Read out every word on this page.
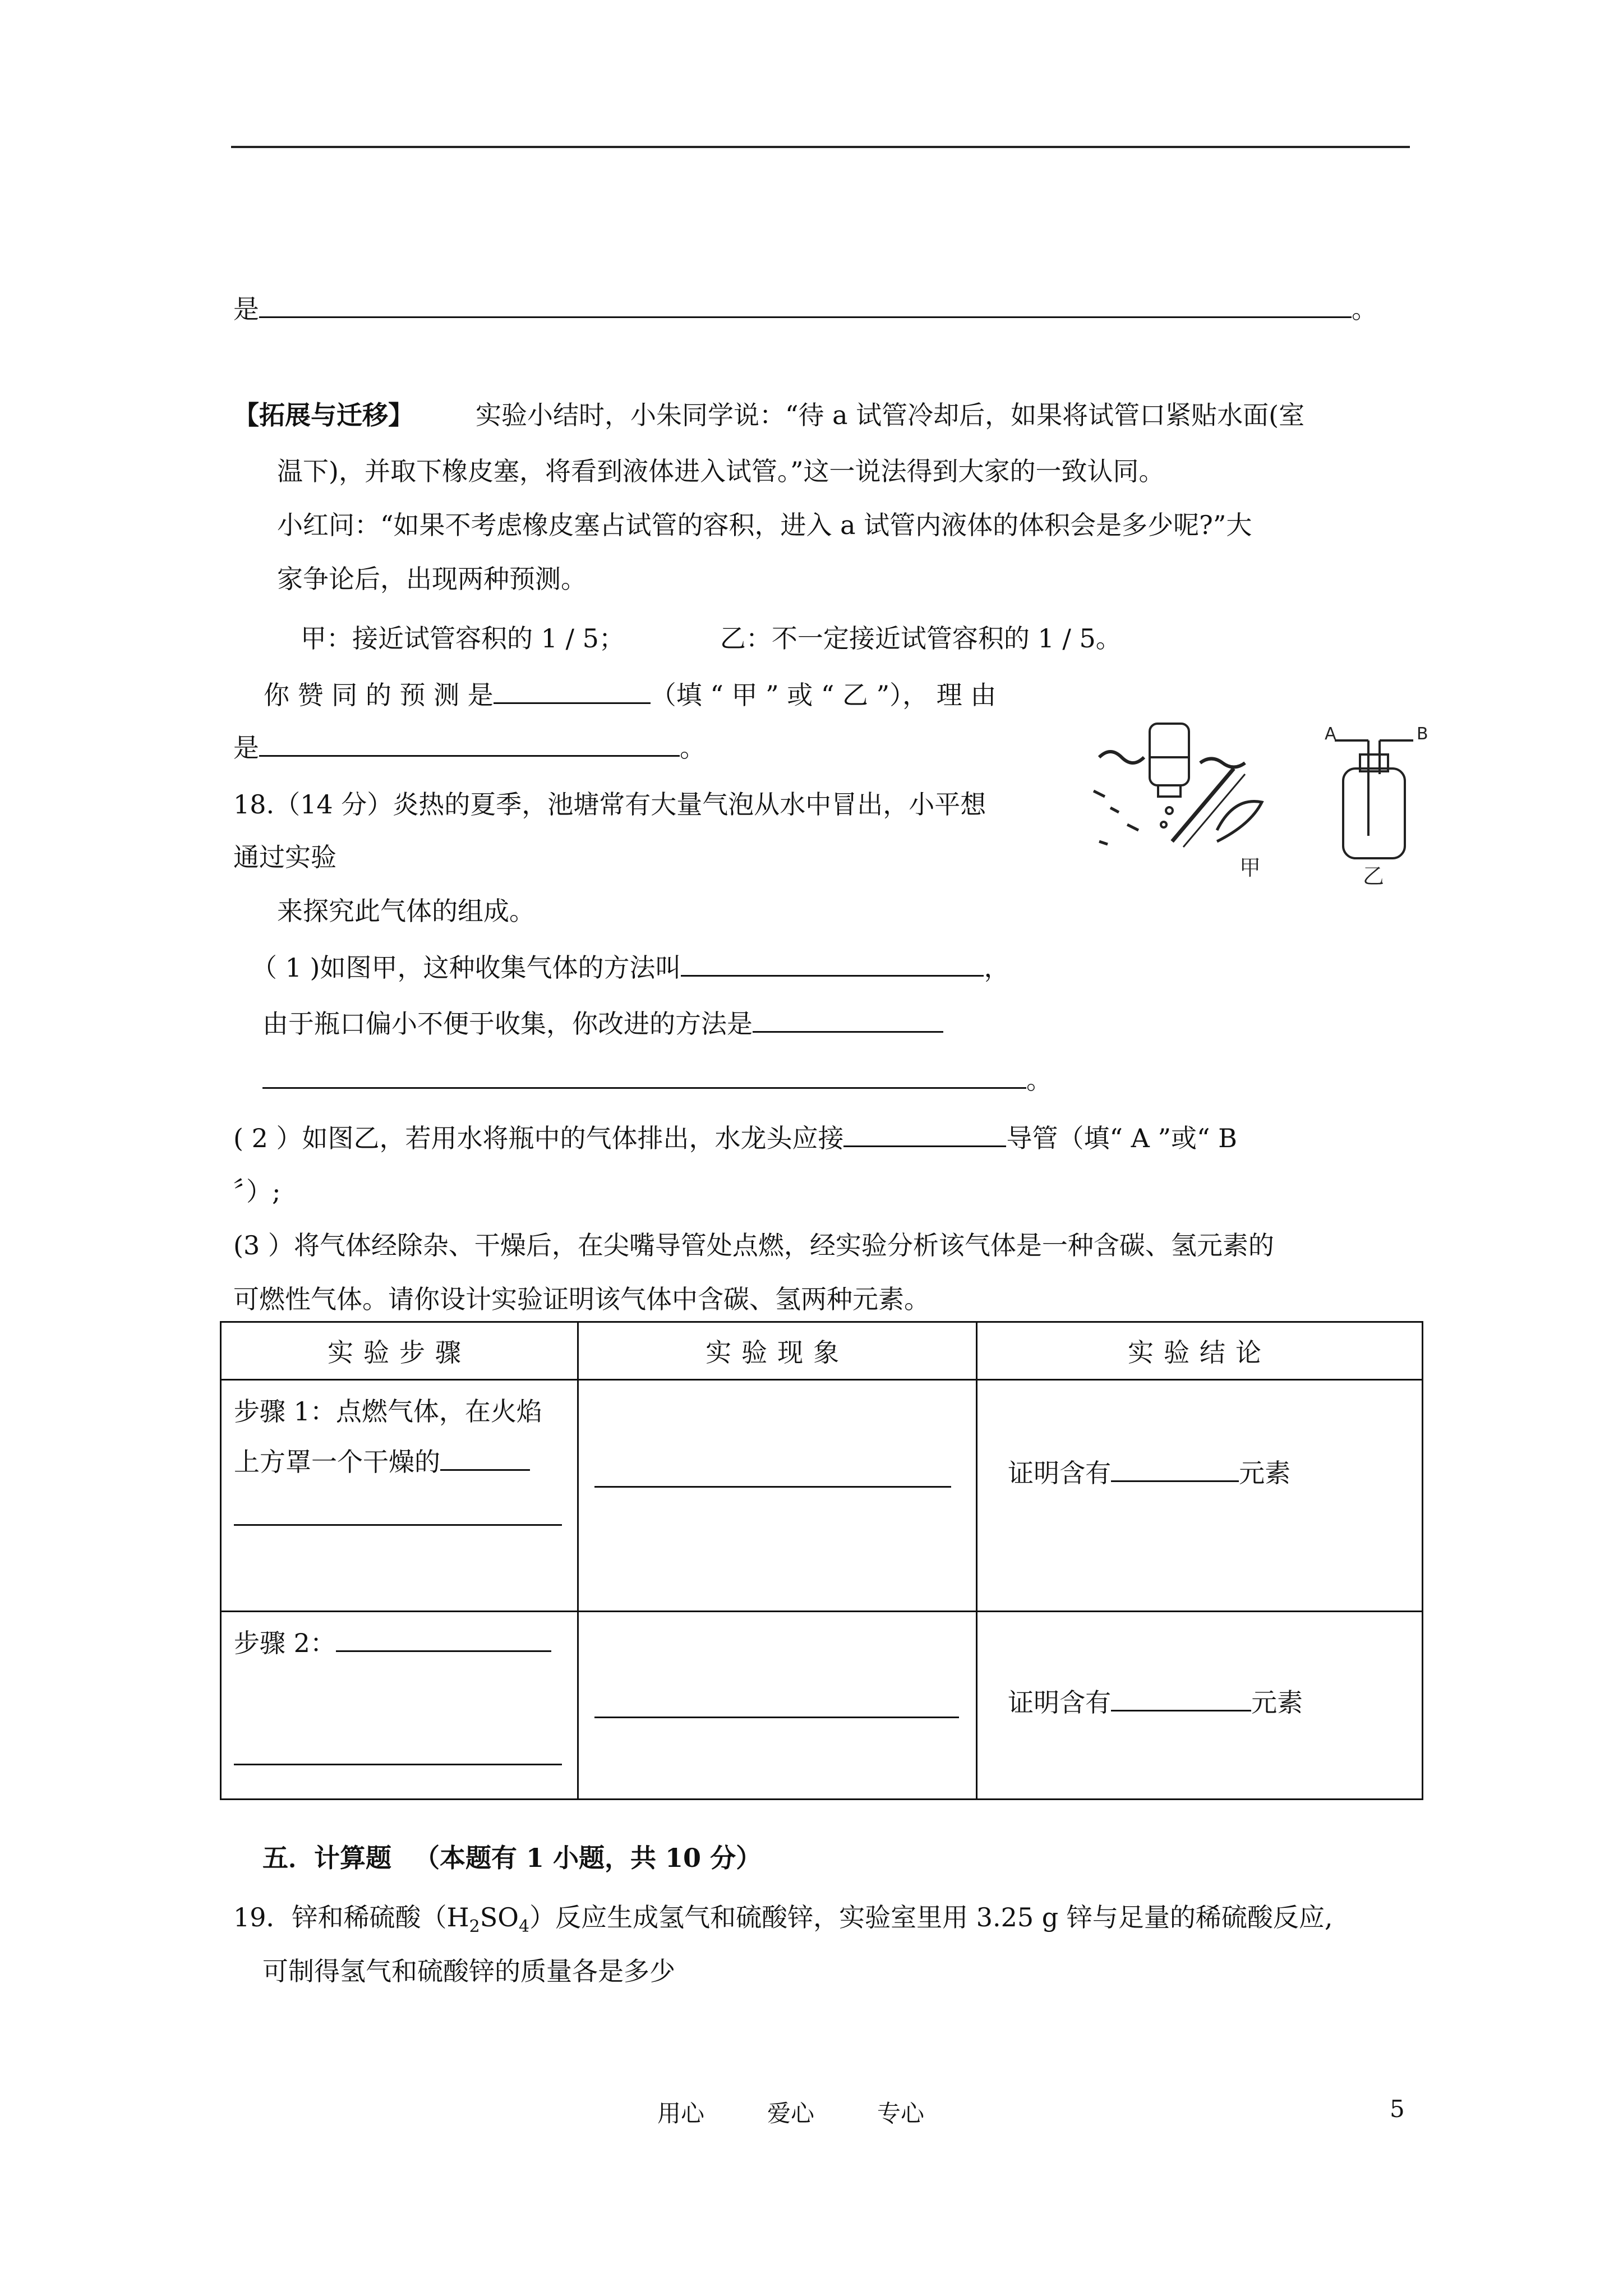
是	。
【拓展与迁移】 实验小结时，小朱同学说：“待 a 试管冷却后，如果将试管口紧贴水面(室
温下)，并取下橡皮塞，将看到液体进入试管。”这一说法得到大家的一致认同。
小红问：“如果不考虑橡皮塞占试管的容积，进入 a 试管内液体的体积会是多少呢?”大
家争论后，出现两种预测。
甲：接近试管容积的 1 / 5；	乙：不一定接近试管容积的 1 / 5。
你 赞 同 的 预 测 是	（填 “ 甲 ” 或 “ 乙 ”）， 理 由
是	。
甲
A	B
乙
18.（14 分）炎热的夏季，池塘常有大量气泡从水中冒出，小平想
通过实验
来探究此气体的组成。
（ 1 )如图甲，这种收集气体的方法叫	，
由于瓶口偏小不便于收集，你改进的方法是
。
( 2 ）如图乙，若用水将瓶中的气体排出，水龙头应接	导管（填“ A ”或“ B
〞）;
(3 ）将气体经除杂、干燥后，在尖嘴导管处点燃，经实验分析该气体是一种含碳、氢元素的
可燃性气体。请你设计实验证明该气体中含碳、氢两种元素。
实验步骤	实验现象	实验结论

步骤 1：点燃气体，在火焰
上方罩一个干燥的		证明含有 元素

步骤 2：		证明含有 元素
五．计算题 （本题有 1 小题，共 10 分）
19．锌和稀硫酸$(H_2SO_4)$反应生成氢气和硫酸锌，实验室里用 3.25 g 锌与足量的稀硫酸反应,
可制得氢气和硫酸锌的质量各是多少
用心	爱心	专心	5
